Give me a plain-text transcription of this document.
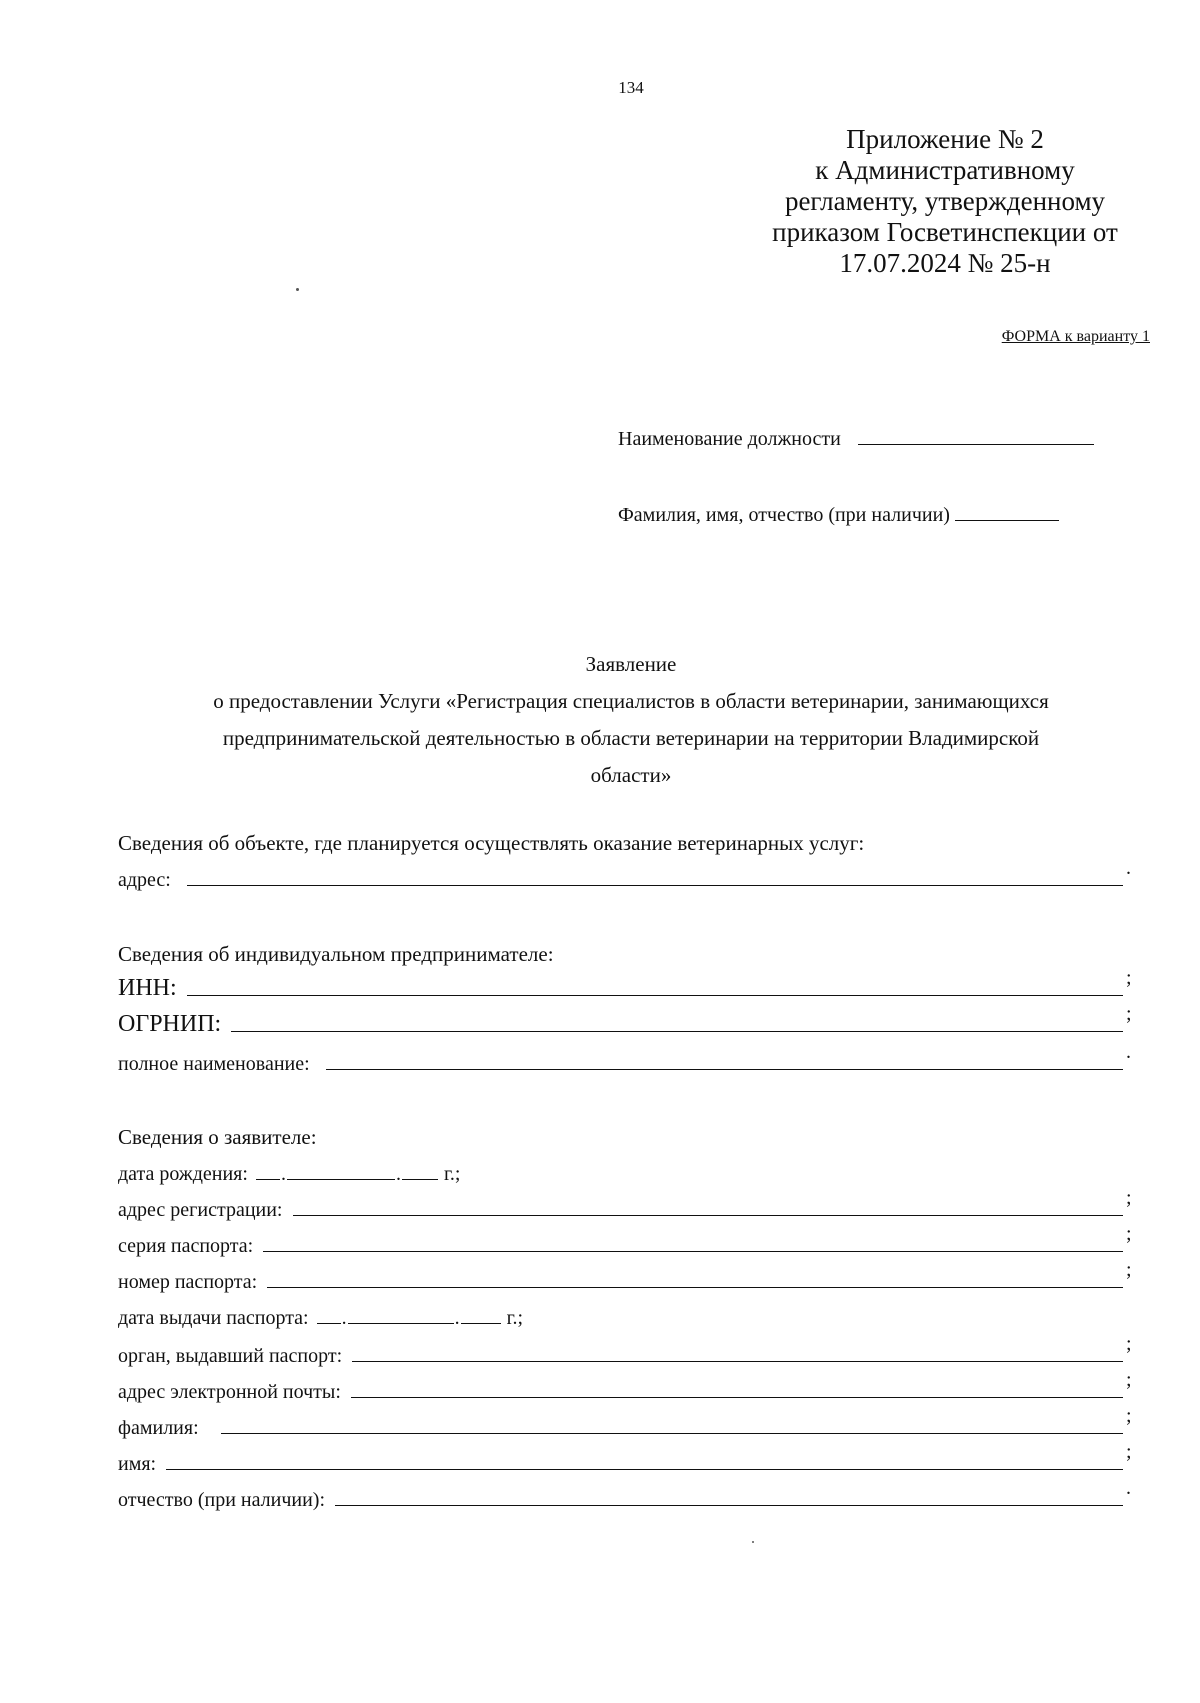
134
Приложение № 2
к Административному
регламенту, утвержденному
приказом Госветинспекции от
17.07.2024 № 25-н
ФОРМА к варианту 1
Наименование должности
Фамилия, имя, отчество (при наличии)
Заявление
о предоставлении Услуги «Регистрация специалистов в области ветеринарии, занимающихся
предпринимательской деятельностью в области ветеринарии на территории Владимирской
области»
Сведения об объекте, где планируется осуществлять оказание ветеринарных услуг:
адрес:
.
Сведения об индивидуальном предпринимателе:
ИНН:	;
ОГРНИП:	;
полное наименование:
.
Сведения о заявителе:
дата рождения:	.	.	г.;
адрес регистрации:
;
серия паспорта:
;
номер паспорта:
;
дата выдачи паспорта:	.	.	г.;
орган, выдавший паспорт:
;
адрес электронной почты:
;
фамилия:
;
имя:
;
отчество (при наличии):
.
